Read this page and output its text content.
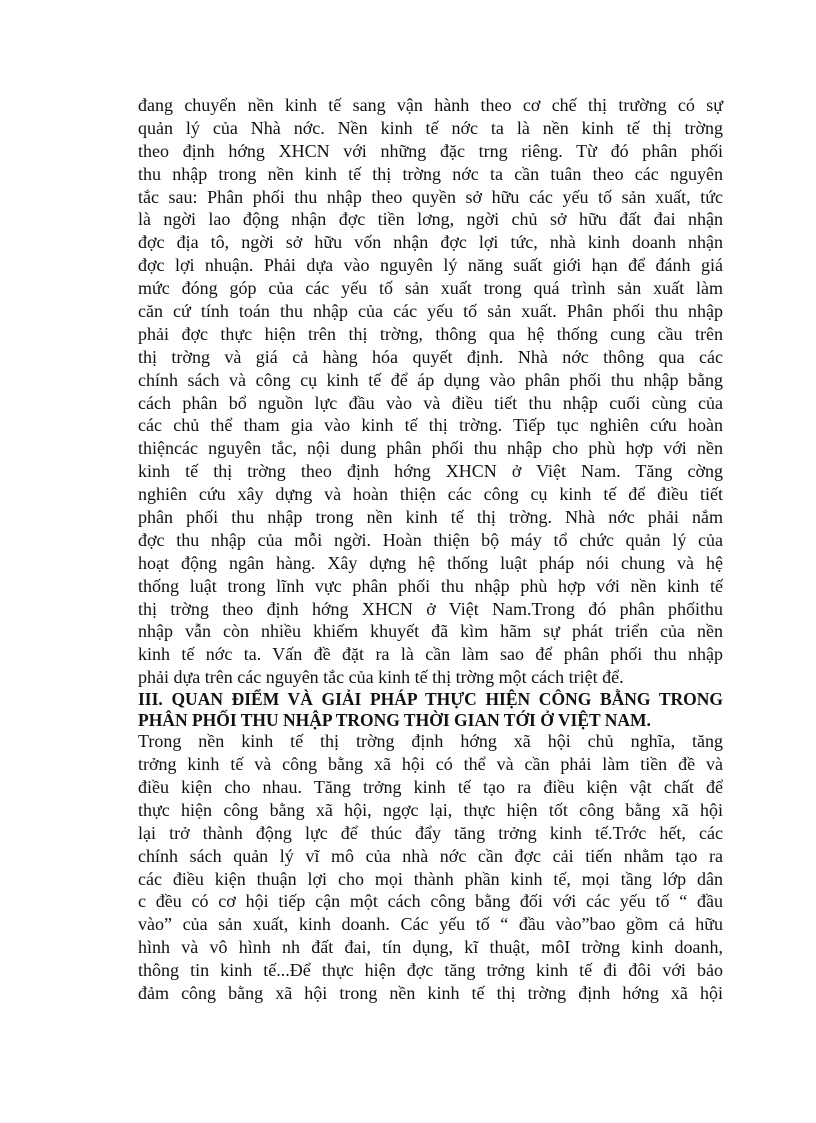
đang chuyển nền kinh tế sang vận hành theo cơ chế thị trường có sự
quản lý của Nhà nớc. Nền kinh tế nớc ta là nền kinh tế thị trờng
theo định hớng XHCN với những đặc trng riêng. Từ đó phân phối
thu nhập trong nền kinh tế thị trờng nớc ta cần tuân theo các nguyên
tắc sau: Phân phối thu nhập theo quyền sở hữu các yếu tố sản xuất, tức
là ngời lao động nhận đợc tiền lơng, ngời chủ sở hữu đất đai nhận
đợc địa tô, ngời sở hữu vốn nhận đợc lợi tức, nhà kinh doanh nhận
đợc lợi nhuận. Phải dựa vào nguyên lý năng suất giới hạn để đánh giá
mức đóng góp của các yếu tố sản xuất trong quá trình sản xuất làm
căn cứ tính toán thu nhập của các yếu tố sản xuất. Phân phối thu nhập
phải đợc thực hiện trên thị trờng, thông qua hệ thống cung cầu trên
thị trờng và giá cả hàng hóa quyết định. Nhà nớc thông qua các
chính sách và công cụ kinh tế để áp dụng vào phân phối thu nhập bằng
cách phân bổ nguồn lực đầu vào và điều tiết thu nhập cuối cùng của
các chủ thể tham gia vào kinh tế thị trờng. Tiếp tục nghiên cứu hoàn
thiệncác nguyên tắc, nội dung phân phối thu nhập cho phù hợp với nền
kinh tế thị trờng theo định hớng XHCN ở Việt Nam. Tăng cờng
nghiên cứu xây dựng và hoàn thiện các công cụ kinh tế để điều tiết
phân phối thu nhập trong nền kinh tế thị trờng. Nhà nớc phải nắm
đợc thu nhập của mỗi ngời. Hoàn thiện bộ máy tổ chức quản lý của
hoạt động ngân hàng. Xây dựng hệ thống luật pháp nói chung và hệ
thống luật trong lĩnh vực phân phối thu nhập phù hợp với nền kinh tế
thị trờng theo định hớng XHCN ở Việt Nam.Trong đó phân phốithu
nhập vẫn còn nhiều khiếm khuyết đã kìm hãm sự phát triển của nền
kinh tế nớc ta. Vấn đề đặt ra là cần làm sao để phân phối thu nhập
phải dựa trên các nguyên tắc của kinh tế thị trờng một cách triệt để.
III. QUAN ĐIỂM VÀ GIẢI PHÁP THỰC HIỆN CÔNG BẰNG TRONG
PHÂN PHỐI THU NHẬP TRONG THỜI GIAN TỚI Ở VIỆT NAM.
Trong nền kinh tế thị trờng định hớng xã hội chủ nghĩa, tăng
trởng kinh tế và công bằng xã hội có thể và cần phải làm tiền đề và
điều kiện cho nhau. Tăng trởng kinh tế tạo ra điều kiện vật chất để
thực hiện công bằng xã hội, ngợc lại, thực hiện tốt công bằng xã hội
lại trở thành động lực để thúc đẩy tăng trởng kinh tế.Trớc hết, các
chính sách quản lý vĩ mô của nhà nớc cần đợc cải tiến nhằm tạo ra
các điều kiện thuận lợi cho mọi thành phần kinh tế, mọi tầng lớp dân
c đều có cơ hội tiếp cận một cách công bằng đối với các yếu tố “ đầu
vào” của sản xuất, kinh doanh. Các yếu tố “ đầu vào”bao gồm cả hữu
hình và vô hình nh đất đai, tín dụng, kĩ thuật, môI trờng kinh doanh,
thông tin kinh tế...Để thực hiện đợc tăng trởng kinh tế đi đôi với bảo
đảm công bằng xã hội trong nền kinh tế thị trờng định hớng xã hội
